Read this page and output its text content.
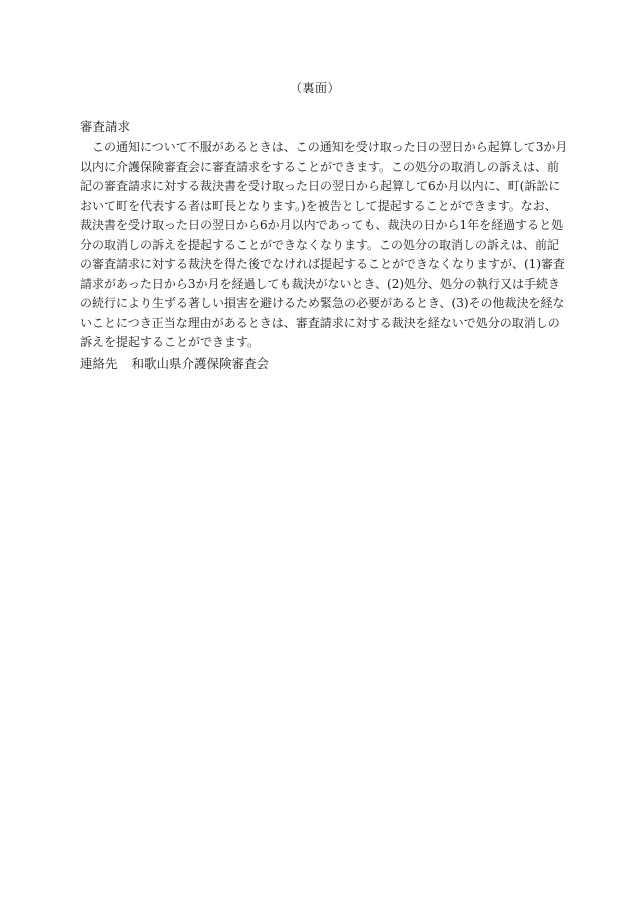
（裏面）
審査請求
　この通知について不服があるときは、この通知を受け取った日の翌日から起算して3か月
以内に介護保険審査会に審査請求をすることができます。この処分の取消しの訴えは、前
記の審査請求に対する裁決書を受け取った日の翌日から起算して6か月以内に、町(訴訟に
おいて町を代表する者は町長となります。)を被告として提起することができます。なお、
裁決書を受け取った日の翌日から6か月以内であっても、裁決の日から1年を経過すると処
分の取消しの訴えを提起することができなくなります。この処分の取消しの訴えは、前記
の審査請求に対する裁決を得た後でなければ提起することができなくなりますが、(1)審査
請求があった日から3か月を経過しても裁決がないとき、(2)処分、処分の執行又は手続き
の続行により生ずる著しい損害を避けるため緊急の必要があるとき、(3)その他裁決を経な
いことにつき正当な理由があるときは、審査請求に対する裁決を経ないで処分の取消しの
訴えを提起することができます。
連絡先 和歌山県介護保険審査会
